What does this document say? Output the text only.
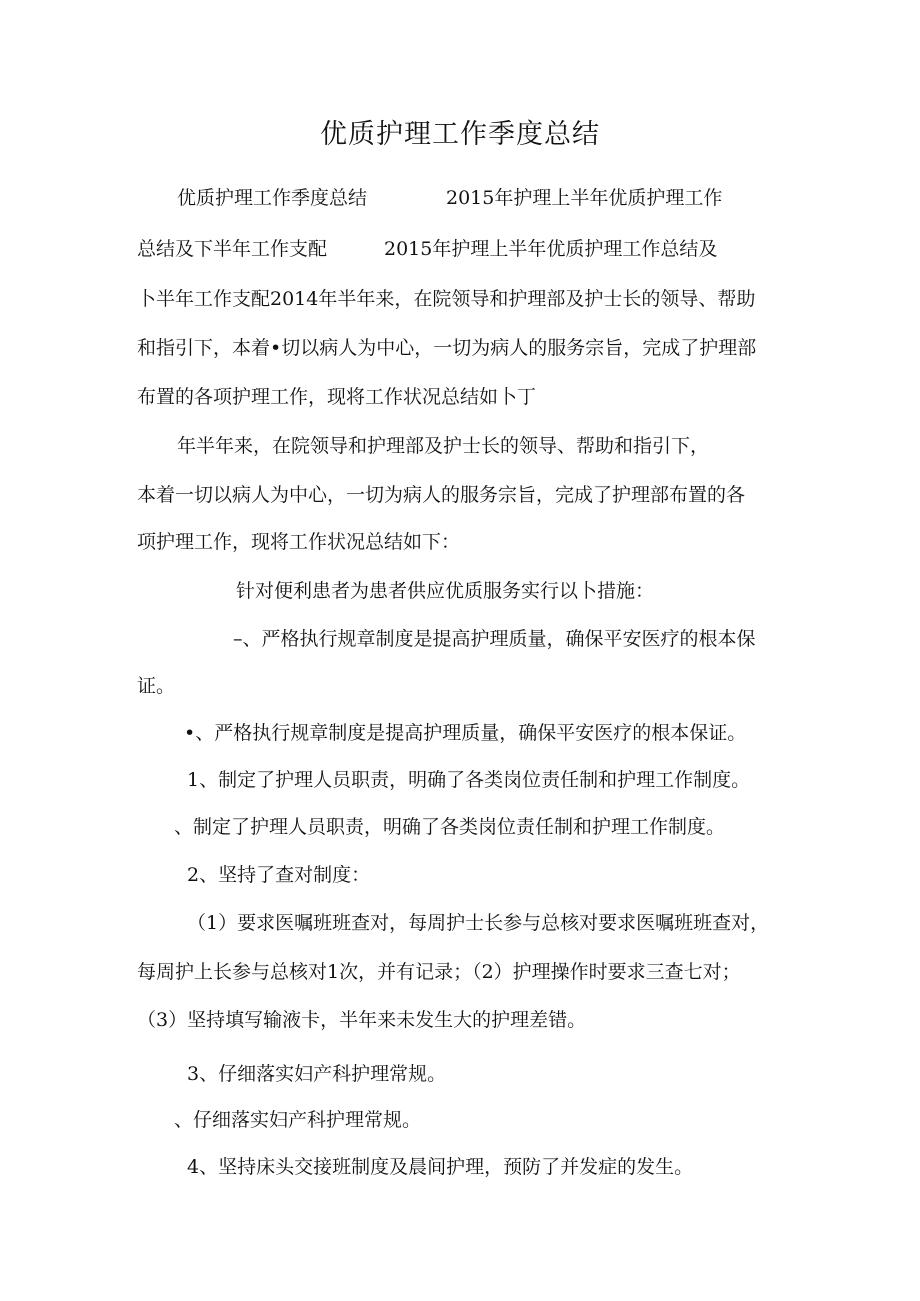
优质护理工作季度总结
优质护理工作季度总结	2015年护理上半年优质护理工作
总结及下半年工作支配	2015年护理上半年优质护理工作总结及
卜半年工作支配2014年半年来，在院领导和护理部及护士长的领导、帮助
和指引下，本着•切以病人为中心，一切为病人的服务宗旨，完成了护理部
布置的各项护理工作，现将工作状况总结如卜丁
年半年来，在院领导和护理部及护士长的领导、帮助和指引下，
本着一切以病人为中心，一切为病人的服务宗旨，完成了护理部布置的各
项护理工作，现将工作状况总结如下：
针对便利患者为患者供应优质服务实行以卜措施：
–、严格执行规章制度是提高护理质量，确保平安医疗的根本保
证。
•、严格执行规章制度是提高护理质量，确保平安医疗的根本保证。
1、制定了护理人员职责，明确了各类岗位责任制和护理工作制度。
、制定了护理人员职责，明确了各类岗位责任制和护理工作制度。
2、坚持了查对制度：
（1）要求医嘱班班查对，每周护士长参与总核对要求医嘱班班查对，
每周护上长参与总核对1次，并有记录；（2）护理操作时要求三查七对；
（3）坚持填写输液卡，半年来未发生大的护理差错。
3、仔细落实妇产科护理常规。
、仔细落实妇产科护理常规。
4、坚持床头交接班制度及晨间护理，预防了并发症的发生。
